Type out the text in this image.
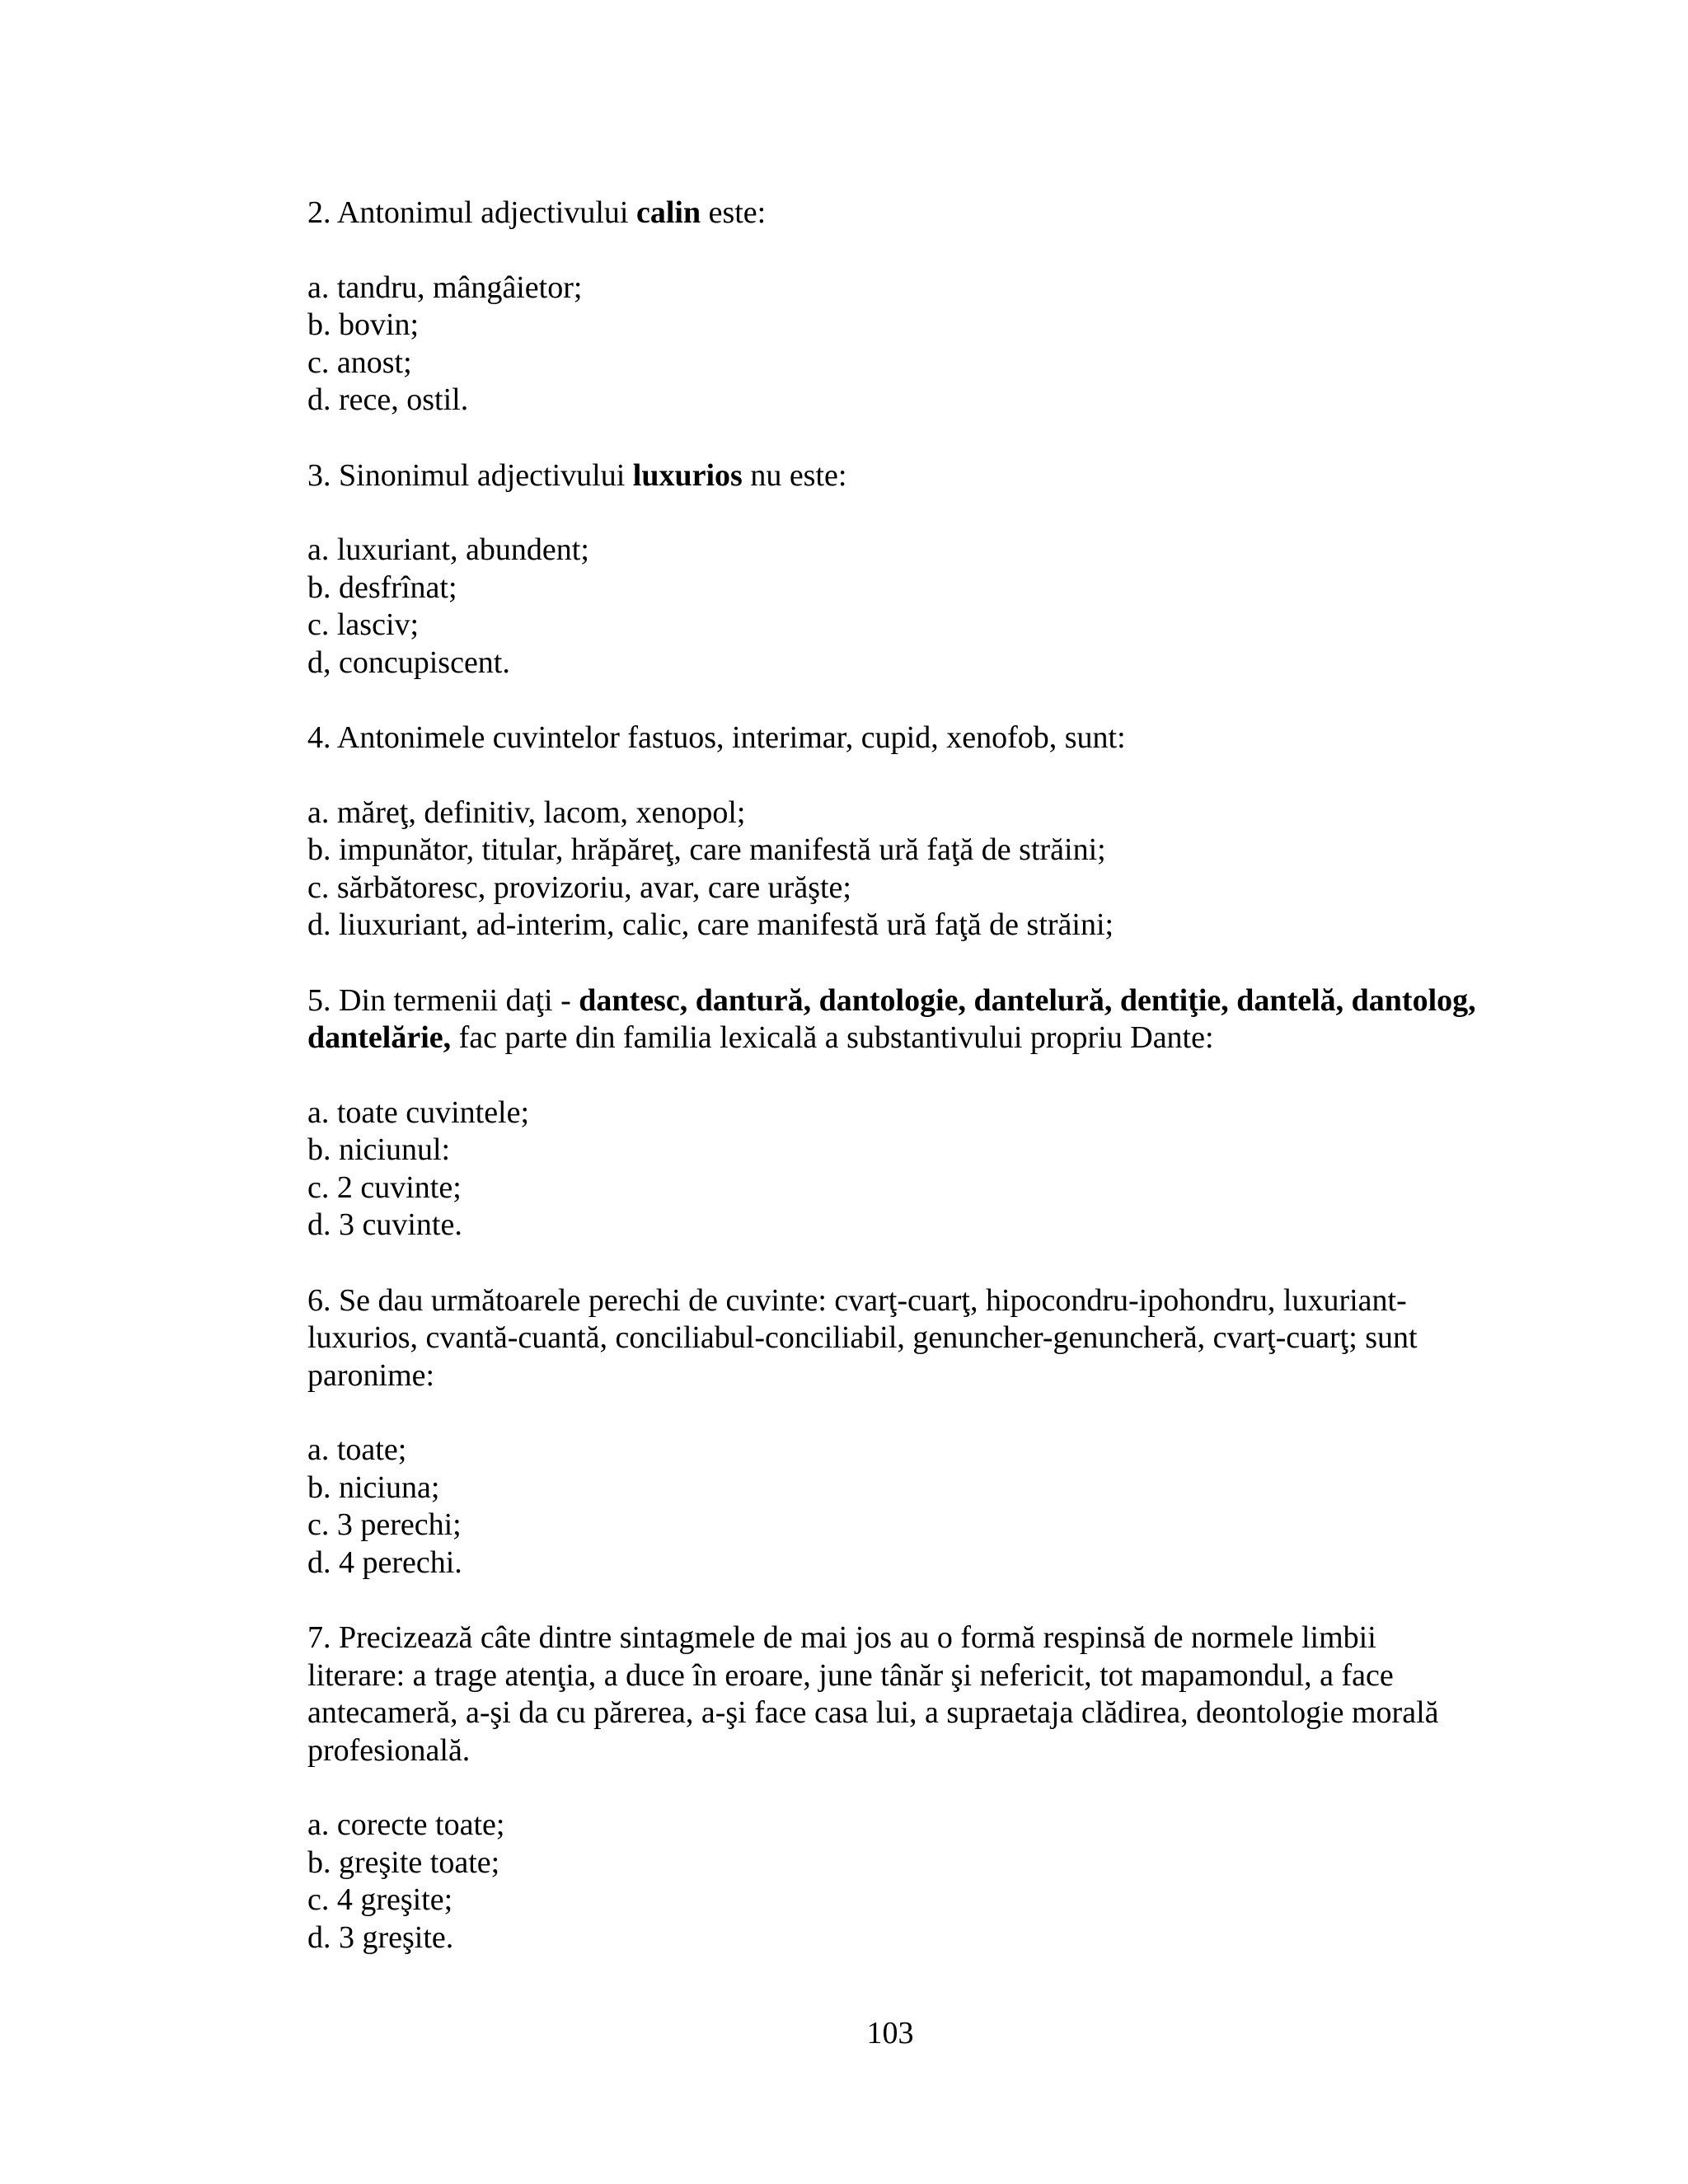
2. Antonimul adjectivului calin este:

a. tandru, mângâietor;
b. bovin;
c. anost;
d. rece, ostil.

3. Sinonimul adjectivului luxurios nu este:

a. luxuriant, abundent;
b. desfrînat;
c. lasciv;
d, concupiscent.

4. Antonimele cuvintelor fastuos, interimar, cupid, xenofob, sunt:

a. măreţ, definitiv, lacom, xenopol;
b. impunător, titular, hrăpăreţ, care manifestă ură faţă de străini;
c. sărbătoresc, provizoriu, avar, care urăşte;
d. liuxuriant, ad-interim, calic, care manifestă ură faţă de străini;

5. Din termenii daţi - dantesc, dantură, dantologie, dantelură, dentiţie, dantelă, dantolog, dantelărie, fac parte din familia lexicală a substantivului propriu Dante:

a. toate cuvintele;
b. niciunul:
c. 2 cuvinte;
d. 3 cuvinte.

6. Se dau următoarele perechi de cuvinte: cvarţ-cuarţ, hipocondru-ipohondru, luxuriant-luxurios, cvantă-cuantă, conciliabul-conciliabil, genuncher-genuncheră, cvarţ-cuarţ; sunt paronime:

a. toate;
b. niciuna;
c. 3 perechi;
d. 4 perechi.

7. Precizează câte dintre sintagmele de mai jos au o formă respinsă de normele limbii literare: a trage atenţia, a duce în eroare, june tânăr şi nefericit, tot mapamondul, a face antecameră, a-şi da cu părerea, a-şi face casa lui, a supraetaja clădirea, deontologie morală profesională.

a. corecte toate;
b. greşite toate;
c. 4 greşite;
d. 3 greşite.
103
